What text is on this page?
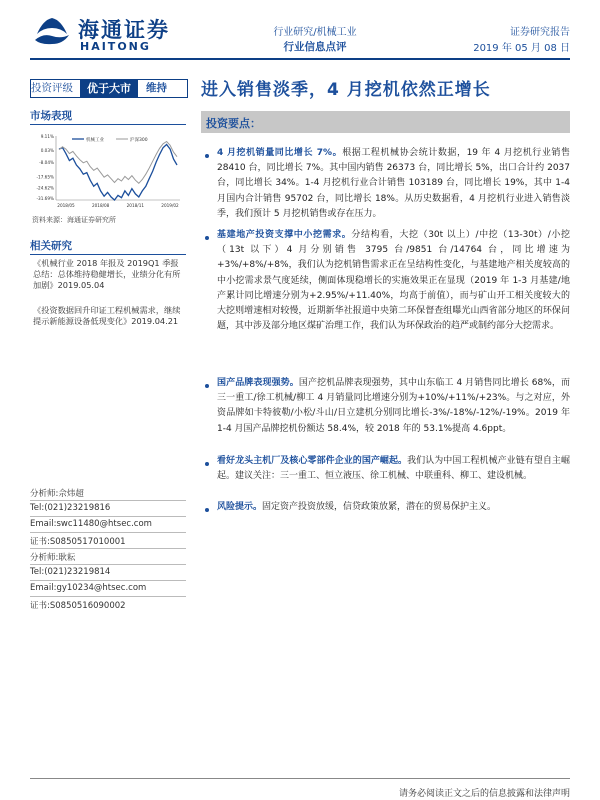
海通证券
HAITONG
行业研究/机械工业
行业信息点评
证券研究报告
2019 年 05 月 08 日
投资评级	优于大市	维持 进入销售淡季，4 月挖机依然正增长
市场表现
9.11%
0.03%
-8.04%
-17.65%
-24.62%
-31.69%
2018/05	2018/08	2018/11	2019/02
机械工业	沪深300
资料来源：海通证券研究所
相关研究
《机械行业 2018 年报及 2019Q1 季报总结：总体维持稳健增长，业绩分化有所加剧》2019.05.04
《投资数据回升印证工程机械需求，继续提示新能源设备低现变化》2019.04.21
分析师:佘炜超
Tel:(021)23219816
Email:swc11480@htsec.com
证书:S0850517010001
分析师:耿耘
Tel:(021)23219814
Email:gy10234@htsec.com
证书:S0850516090002
投资要点：
4 月挖机销量同比增长 7%。根据工程机械协会统计数据，19 年 4 月挖机行业销售 28410 台，同比增长 7%。其中国内销售 26373 台，同比增长 5%，出口合计约 2037 台，同比增长 34%。1-4 月挖机行业合计销售 103189 台，同比增长 19%，其中 1-4 月国内合计销售 95702 台，同比增长 18%。从历史数据看，4 月挖机行业进入销售淡季，我们预计 5 月挖机销售或存在压力。
基建地产投资支撑中小挖需求。分结构看，大挖（30t 以上）/中挖（13-30t）/小挖（13t 以下）4 月分别销售 3795 台/9851 台/14764 台，同比增速为+3%/+8%/+8%，我们认为挖机销售需求正在呈结构性变化，与基建地产相关度较高的中小挖需求景气度延续，侧面体现稳增长的实施效果正在显现（2019 年 1-3 月基建/地产累计同比增速分别为+2.95%/+11.40%，均高于前值），而与矿山开工相关度较大的大挖则增速相对较慢，近期新华社报道中央第二环保督查组曝光山西省部分地区的环保问题，其中涉及部分地区煤矿治理工作，我们认为环保政治的趋严或制约部分大挖需求。
国产品牌表现强势。国产挖机品牌表现强势，其中山东临工 4 月销售同比增长 68%，而三一重工/徐工机械/柳工 4 月销量同比增速分别为+10%/+11%/+23%。与之对应，外资品牌如卡特彼勒/小松/斗山/日立建机分别同比增长-3%/-18%/-12%/-19%。2019 年 1-4 月国产品牌挖机份额达 58.4%，较 2018 年的 53.1%提高 4.6ppt。
看好龙头主机厂及核心零部件企业的国产崛起。我们认为中国工程机械产业链有望自主崛起。建议关注：三一重工、恒立液压、徐工机械、中联重科、柳工、建设机械。
风险提示。固定资产投资放缓，信贷政策放紧，潜在的贸易保护主义。
请务必阅读正文之后的信息披露和法律声明
